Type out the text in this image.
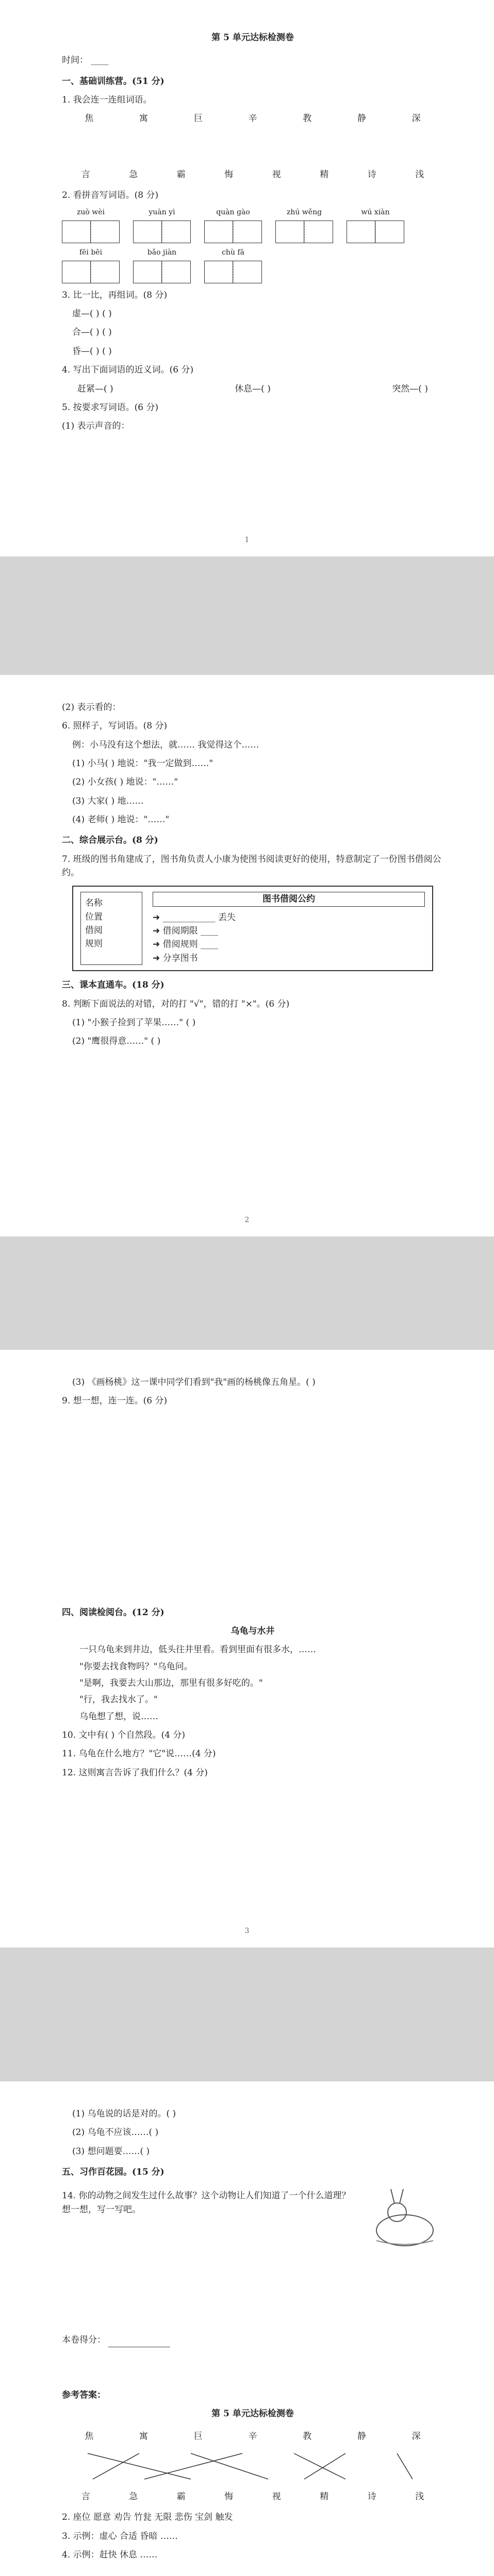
第 5 单元达标检测卷
时间： ____
一、基础训练营。(51 分)
1. 我会连一连组词语。
焦	寓	巨	辛	教	静	深
言	急	霸	悔	视	精	诗	浅
2. 看拼音写词语。(8 分)
zuò wèi	yuàn yì	quàn gào	zhú wěng	wú xiàn
fēi bēi	bǎo jiàn	chù fā
3. 比一比，再组词。(8 分)
虚—( ) ( )
合—( ) ( )
昏—( ) ( )
4. 写出下面词语的近义词。(6 分)
赶紧—( )	休息—( )	突然—( )
5. 按要求写词语。(6 分)
(1) 表示声音的：
1
(2) 表示看的：
6. 照样子，写词语。(8 分)
例：小马没有这个想法，就…… 我觉得这个……
(1) 小马( ) 地说："我一定做到……"
(2) 小女孩( ) 地说："……"
(3) 大家( ) 地……
(4) 老师( ) 地说："……"
二、综合展示台。(8 分)
7. 班级的图书角建成了，图书角负责人小康为使图书阅读更好的使用，特意制定了一份图书借阅公约。
名称
位置
借阅
规则
图书借阅公约
➜ ____________ 丢失
➜ 借阅期限 ____
➜ 借阅规则 ____
➜ 分享图书
三、课本直通车。(18 分)
8. 判断下面说法的对错，对的打 "√"，错的打 "×"。(6 分)
(1) "小猴子捡到了苹果……" ( )
(2) "鹰很得意……" ( )
2
(3) 《画杨桃》这一课中同学们看到"我"画的杨桃像五角星。( )
9. 想一想，连一连。(6 分)
四、阅读检阅台。(12 分)
乌龟与水井
一只乌龟来到井边，低头往井里看。看到里面有很多水，……
"你要去找食物吗？"乌龟问。
"是啊，我要去大山那边，那里有很多好吃的。"
"行，我去找水了。"
乌龟想了想，说……
10. 文中有( ) 个自然段。(4 分)
11. 乌龟在什么地方？"它"说……(4 分)
12. 这则寓言告诉了我们什么？(4 分)
3
(1) 乌龟说的话是对的。( )
(2) 乌龟不应该……( )
(3) 想问题要……( )
五、习作百花园。(15 分)
14. 你的动物之间发生过什么故事？这个动物让人们知道了一个什么道理？想一想，写一写吧。
本卷得分：
参考答案：
第 5 单元达标检测卷
焦	寓	巨	辛	教	静	深
言	急	霸	悔	视	精	诗	浅
2. 座位 愿意 劝告 竹瓮 无限 悲伤 宝剑 触发
3. 示例：虚心 合适 昏暗 ……
4. 示例：赶快 休息 ……
